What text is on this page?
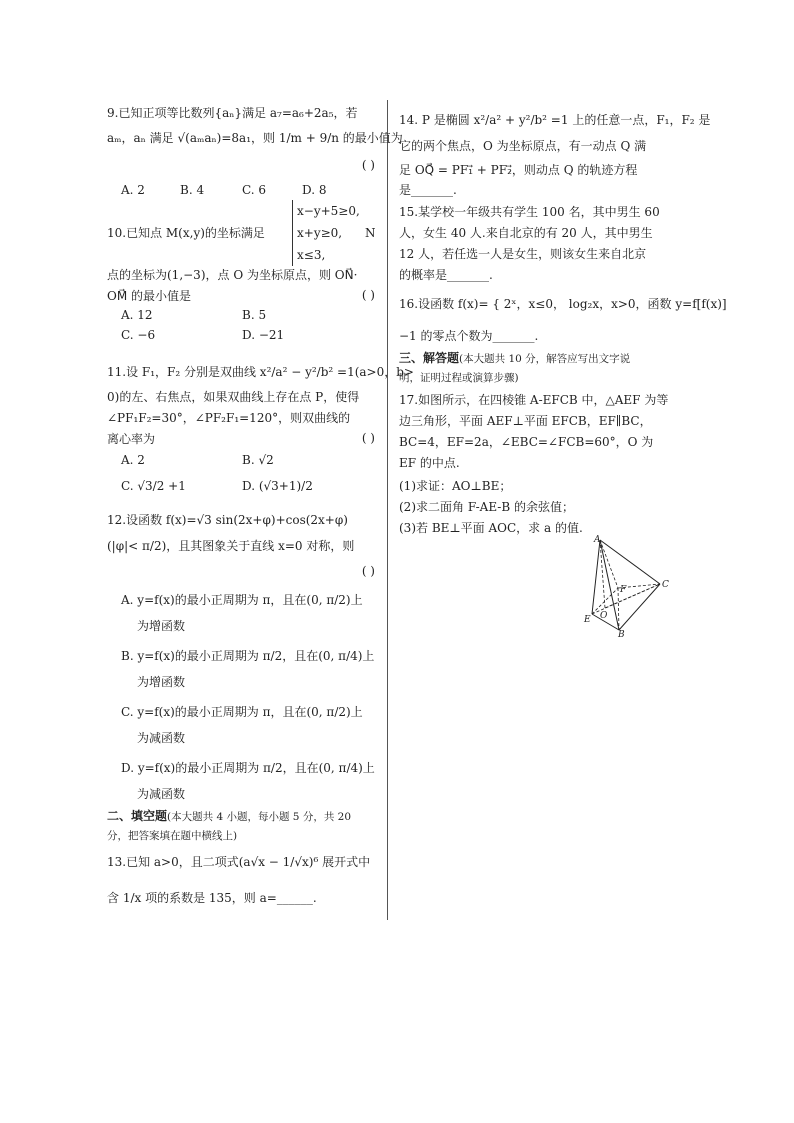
9.已知正项等比数列{aₙ}满足 a₇=a₆+2a₅，若
aₘ，aₙ 满足 √(aₘaₙ)=8a₁，则 1/m + 9/n 的最小值为
( )
A. 2	B. 4	C. 6	D. 8
10.已知点 M(x,y)的坐标满足
x−y+5≥0,
x+y≥0,
x≤3,
N
点的坐标为(1,−3)，点 O 为坐标原点，则 ON⃗·
OM⃗ 的最小值是	( )
A. 12	B. 5
C. −6	D. −21
11.设 F₁，F₂ 分别是双曲线 x²/a² − y²/b² =1(a>0，b>
0)的左、右焦点，如果双曲线上存在点 P，使得
∠PF₁F₂=30°，∠PF₂F₁=120°，则双曲线的
离心率为	( )
A. 2	B. √2
C. √3/2 +1	D. (√3+1)/2
12.设函数 f(x)=√3 sin(2x+φ)+cos(2x+φ)
(|φ|< π/2)，且其图象关于直线 x=0 对称，则
( )
A. y=f(x)的最小正周期为 π，且在(0, π/2)上
为增函数
B. y=f(x)的最小正周期为 π/2，且在(0, π/4)上
为增函数
C. y=f(x)的最小正周期为 π，且在(0, π/2)上
为减函数
D. y=f(x)的最小正周期为 π/2，且在(0, π/4)上
为减函数
二、填空题(本大题共 4 小题，每小题 5 分，共 20
分，把答案填在题中横线上)
13.已知 a>0，且二项式(a√x − 1/√x)⁶ 展开式中
含 1/x 项的系数是 135，则 a=______.
14. P 是椭圆 x²/a² + y²/b² =1 上的任意一点，F₁，F₂ 是
它的两个焦点，O 为坐标原点，有一动点 Q 满
足 OQ⃗ = PF₁⃗ + PF₂⃗，则动点 Q 的轨迹方程
是_______.
15.某学校一年级共有学生 100 名，其中男生 60
人，女生 40 人.来自北京的有 20 人，其中男生
12 人，若任选一人是女生，则该女生来自北京
的概率是_______.
16.设函数 f(x)= { 2ˣ，x≤0， log₂x，x>0，函数 y=f[f(x)]
−1 的零点个数为_______.
三、解答题(本大题共 10 分，解答应写出文字说
明，证明过程或演算步骤)
17.如图所示，在四棱锥 A-EFCB 中，△AEF 为等
边三角形，平面 AEF⊥平面 EFCB，EF∥BC，
BC=4，EF=2a，∠EBC=∠FCB=60°，O 为
EF 的中点.
(1)求证：AO⊥BE；
(2)求二面角 F-AE-B 的余弦值；
(3)若 BE⊥平面 AOC，求 a 的值.
A
F	C
O
E
B
